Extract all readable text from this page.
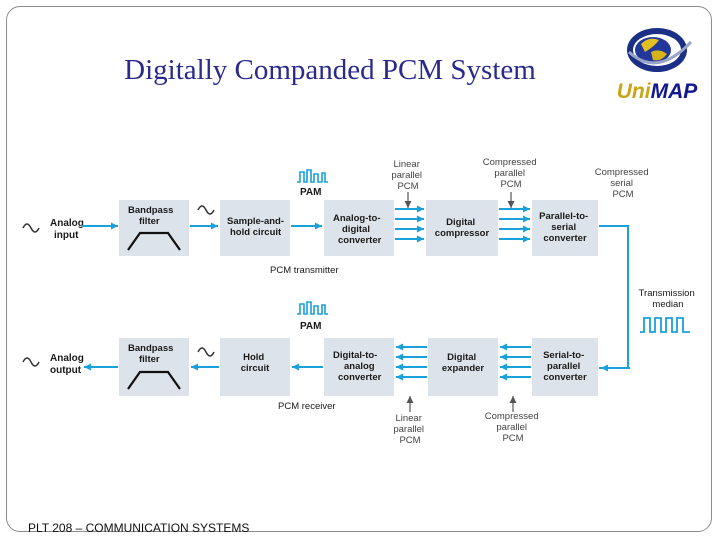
Digitally Companded PCM System
UniMAP
Analog input
Bandpass filter	Sample-and- hold circuit
PAM
Analog-to- digital converter
Linear parallel PCM
Digital compressor
Compressed parallel PCM
Parallel-to- serial converter
Compressed serial PCM
PCM transmitter
Transmission median
Serial-to- parallel converter
Compressed parallel PCM
Digital expander
Linear parallel PCM
Digital-to- analog converter
PAM
Hold circuit
Bandpass filter
Analog output
PCM receiver
PLT 208 – COMMUNICATION SYSTEMS
